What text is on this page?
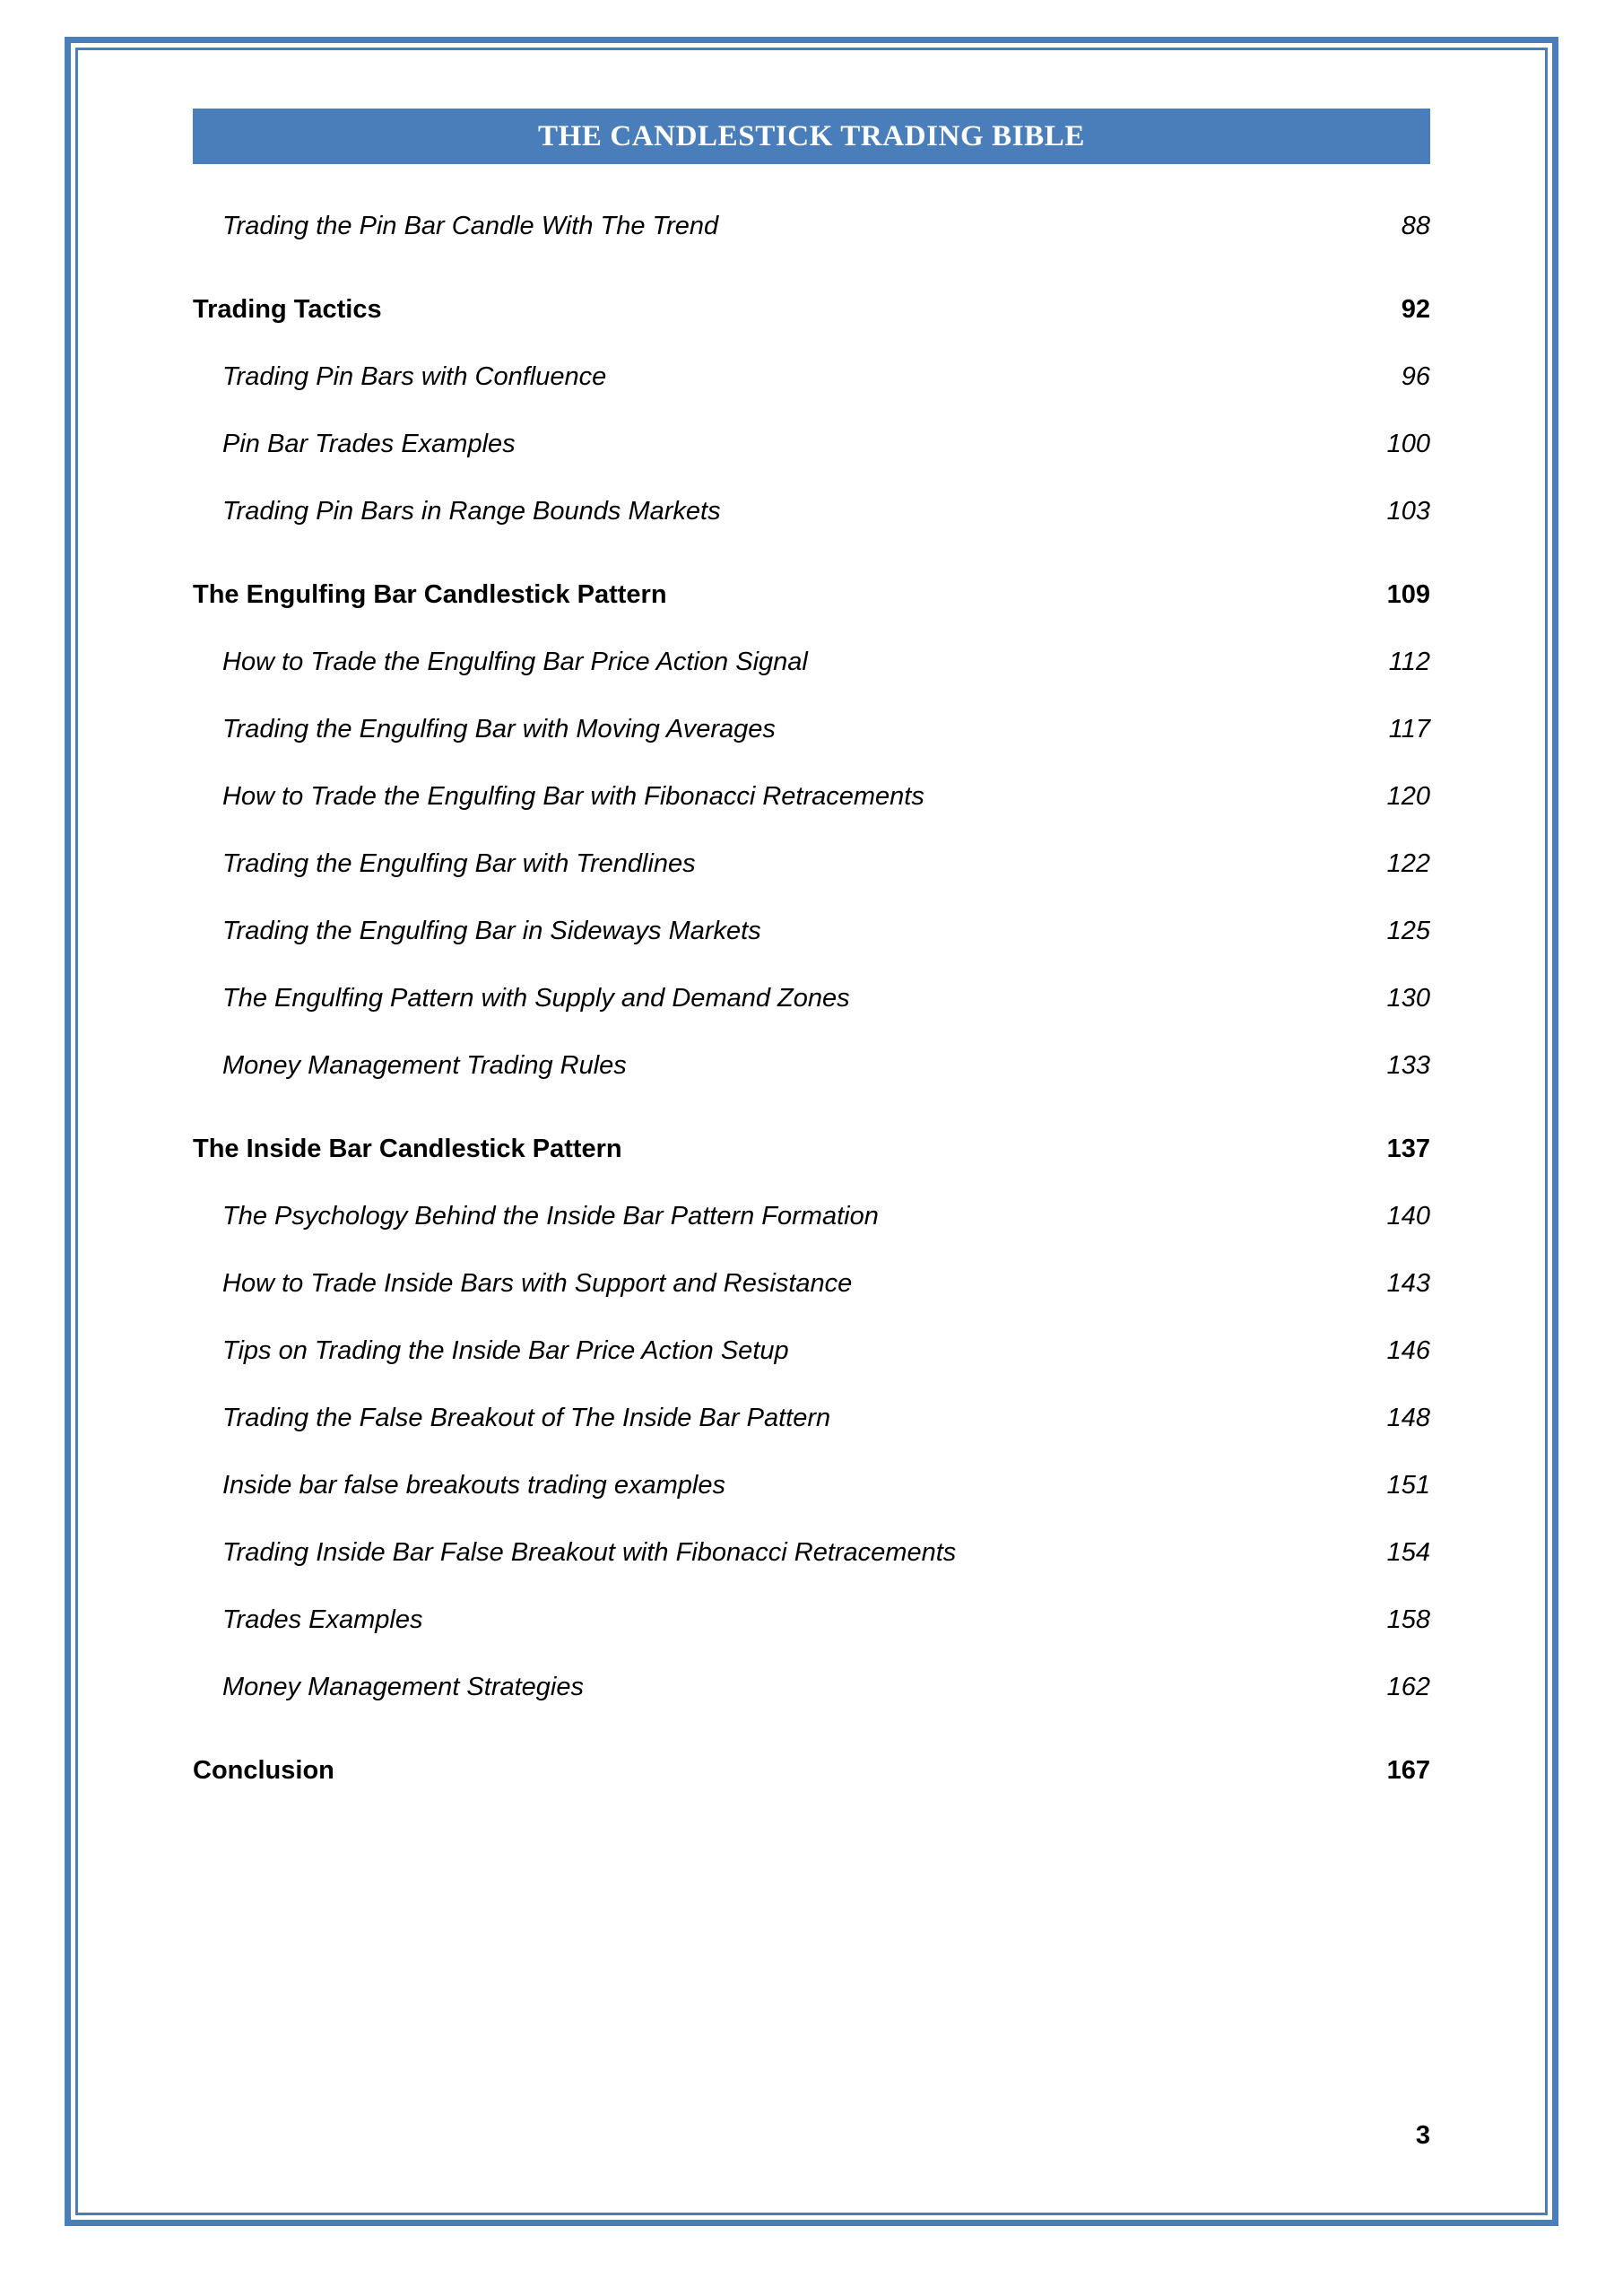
THE CANDLESTICK TRADING BIBLE
Trading the Pin Bar Candle With The Trend	88
Trading Tactics	92
Trading Pin Bars with Confluence	96
Pin Bar Trades Examples	100
Trading Pin Bars in Range Bounds Markets	103
The Engulfing Bar Candlestick Pattern	109
How to Trade the Engulfing Bar Price Action Signal	112
Trading the Engulfing Bar with Moving Averages	117
How to Trade the Engulfing Bar with Fibonacci Retracements	120
Trading the Engulfing Bar with Trendlines	122
Trading the Engulfing Bar in Sideways Markets	125
The Engulfing Pattern with Supply and Demand Zones	130
Money Management Trading Rules	133
The Inside Bar Candlestick Pattern	137
The Psychology Behind the Inside Bar Pattern Formation	140
How to Trade Inside Bars with Support and Resistance	143
Tips on Trading the Inside Bar Price Action Setup	146
Trading the False Breakout of The Inside Bar Pattern	148
Inside bar false breakouts trading examples	151
Trading Inside Bar False Breakout with Fibonacci Retracements	154
Trades Examples	158
Money Management Strategies	162
Conclusion	167
3
